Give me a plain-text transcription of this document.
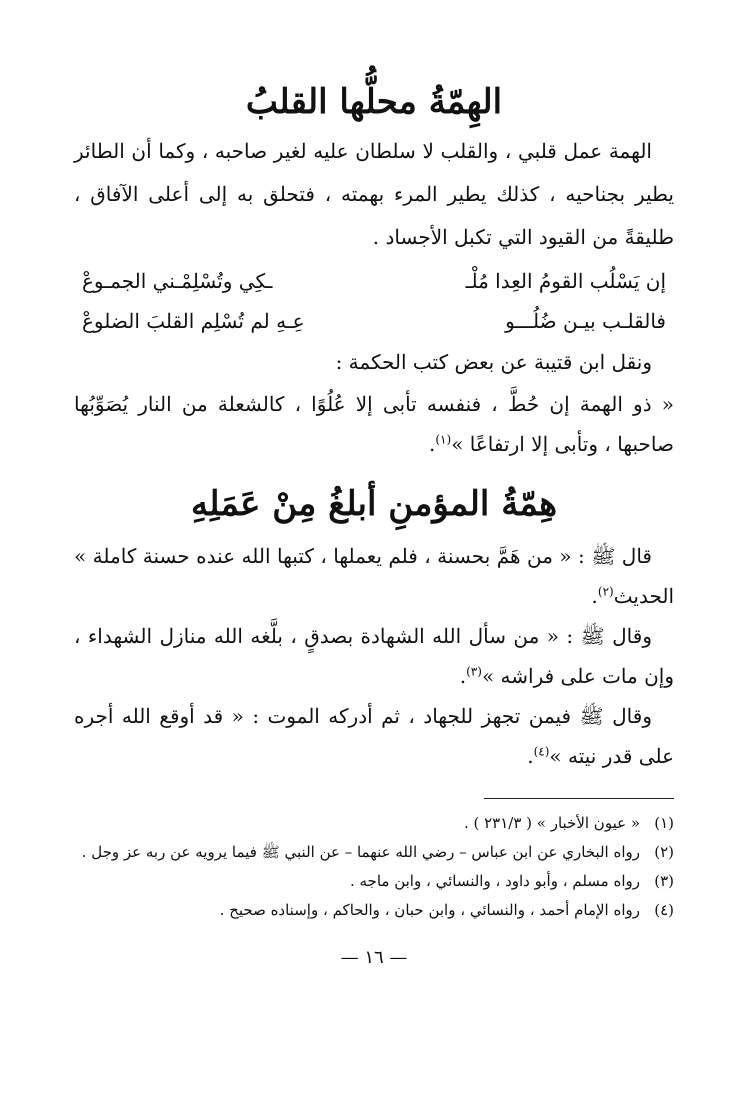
الهِمّةُ محلُّها القلبُ

الهمة عمل قلبي ، والقلب لا سلطان عليه لغير صاحبه ، وكما أن الطائر يطير بجناحيه ، كذلك يطير المرء بهمته ، فتحلق به إلى أعلى الآفاق ، طليقةً من القيود التي تكبل الأجساد .

إن يَسْلُب القومُ العِدا مُلْـ
ـكِي وتُسْلِمْـني الجمـوعْ
فالقلـب بيـن ضُلُـــو
عِـهِ لم تُسْلِم القلبَ الضلوعْ

ونقل ابن قتيبة عن بعض كتب الحكمة :

« ذو الهمة إن حُطَّ ، فنفسه تأبى إلا عُلُوًا ، كالشعلة من النار يُصَوِّبُها صاحبها ، وتأبى إلا ارتفاعًا »$^{(١)}$.

هِمّةُ المؤمنِ أبلغُ مِنْ عَمَلِهِ

قال ﷺ : « من هَمَّ بحسنة ، فلم يعملها ، كتبها الله عنده حسنة كاملة » الحديث$^{(٢)}$.

وقال ﷺ : « من سأل الله الشهادة بصدقٍ ، بلَّغه الله منازل الشهداء ، وإن مات على فراشه »$^{(٣)}$.

وقال ﷺ فيمن تجهز للجهاد ، ثم أدركه الموت : « قد أوقع الله أجره على قدر نيته »$^{(٤)}$.

(١)
« عيون الأخبار » ( ٢٣١/٣ ) .
(٢)
رواه البخاري عن ابن عباس – رضي الله عنهما – عن النبي ﷺ فيما يرويه عن ربه عز وجل .
(٣)
رواه مسلم ، وأبو داود ، والنسائي ، وابن ماجه .
(٤)
رواه الإمام أحمد ، والنسائي ، وابن حبان ، والحاكم ، وإسناده صحيح .
— ١٦ —
